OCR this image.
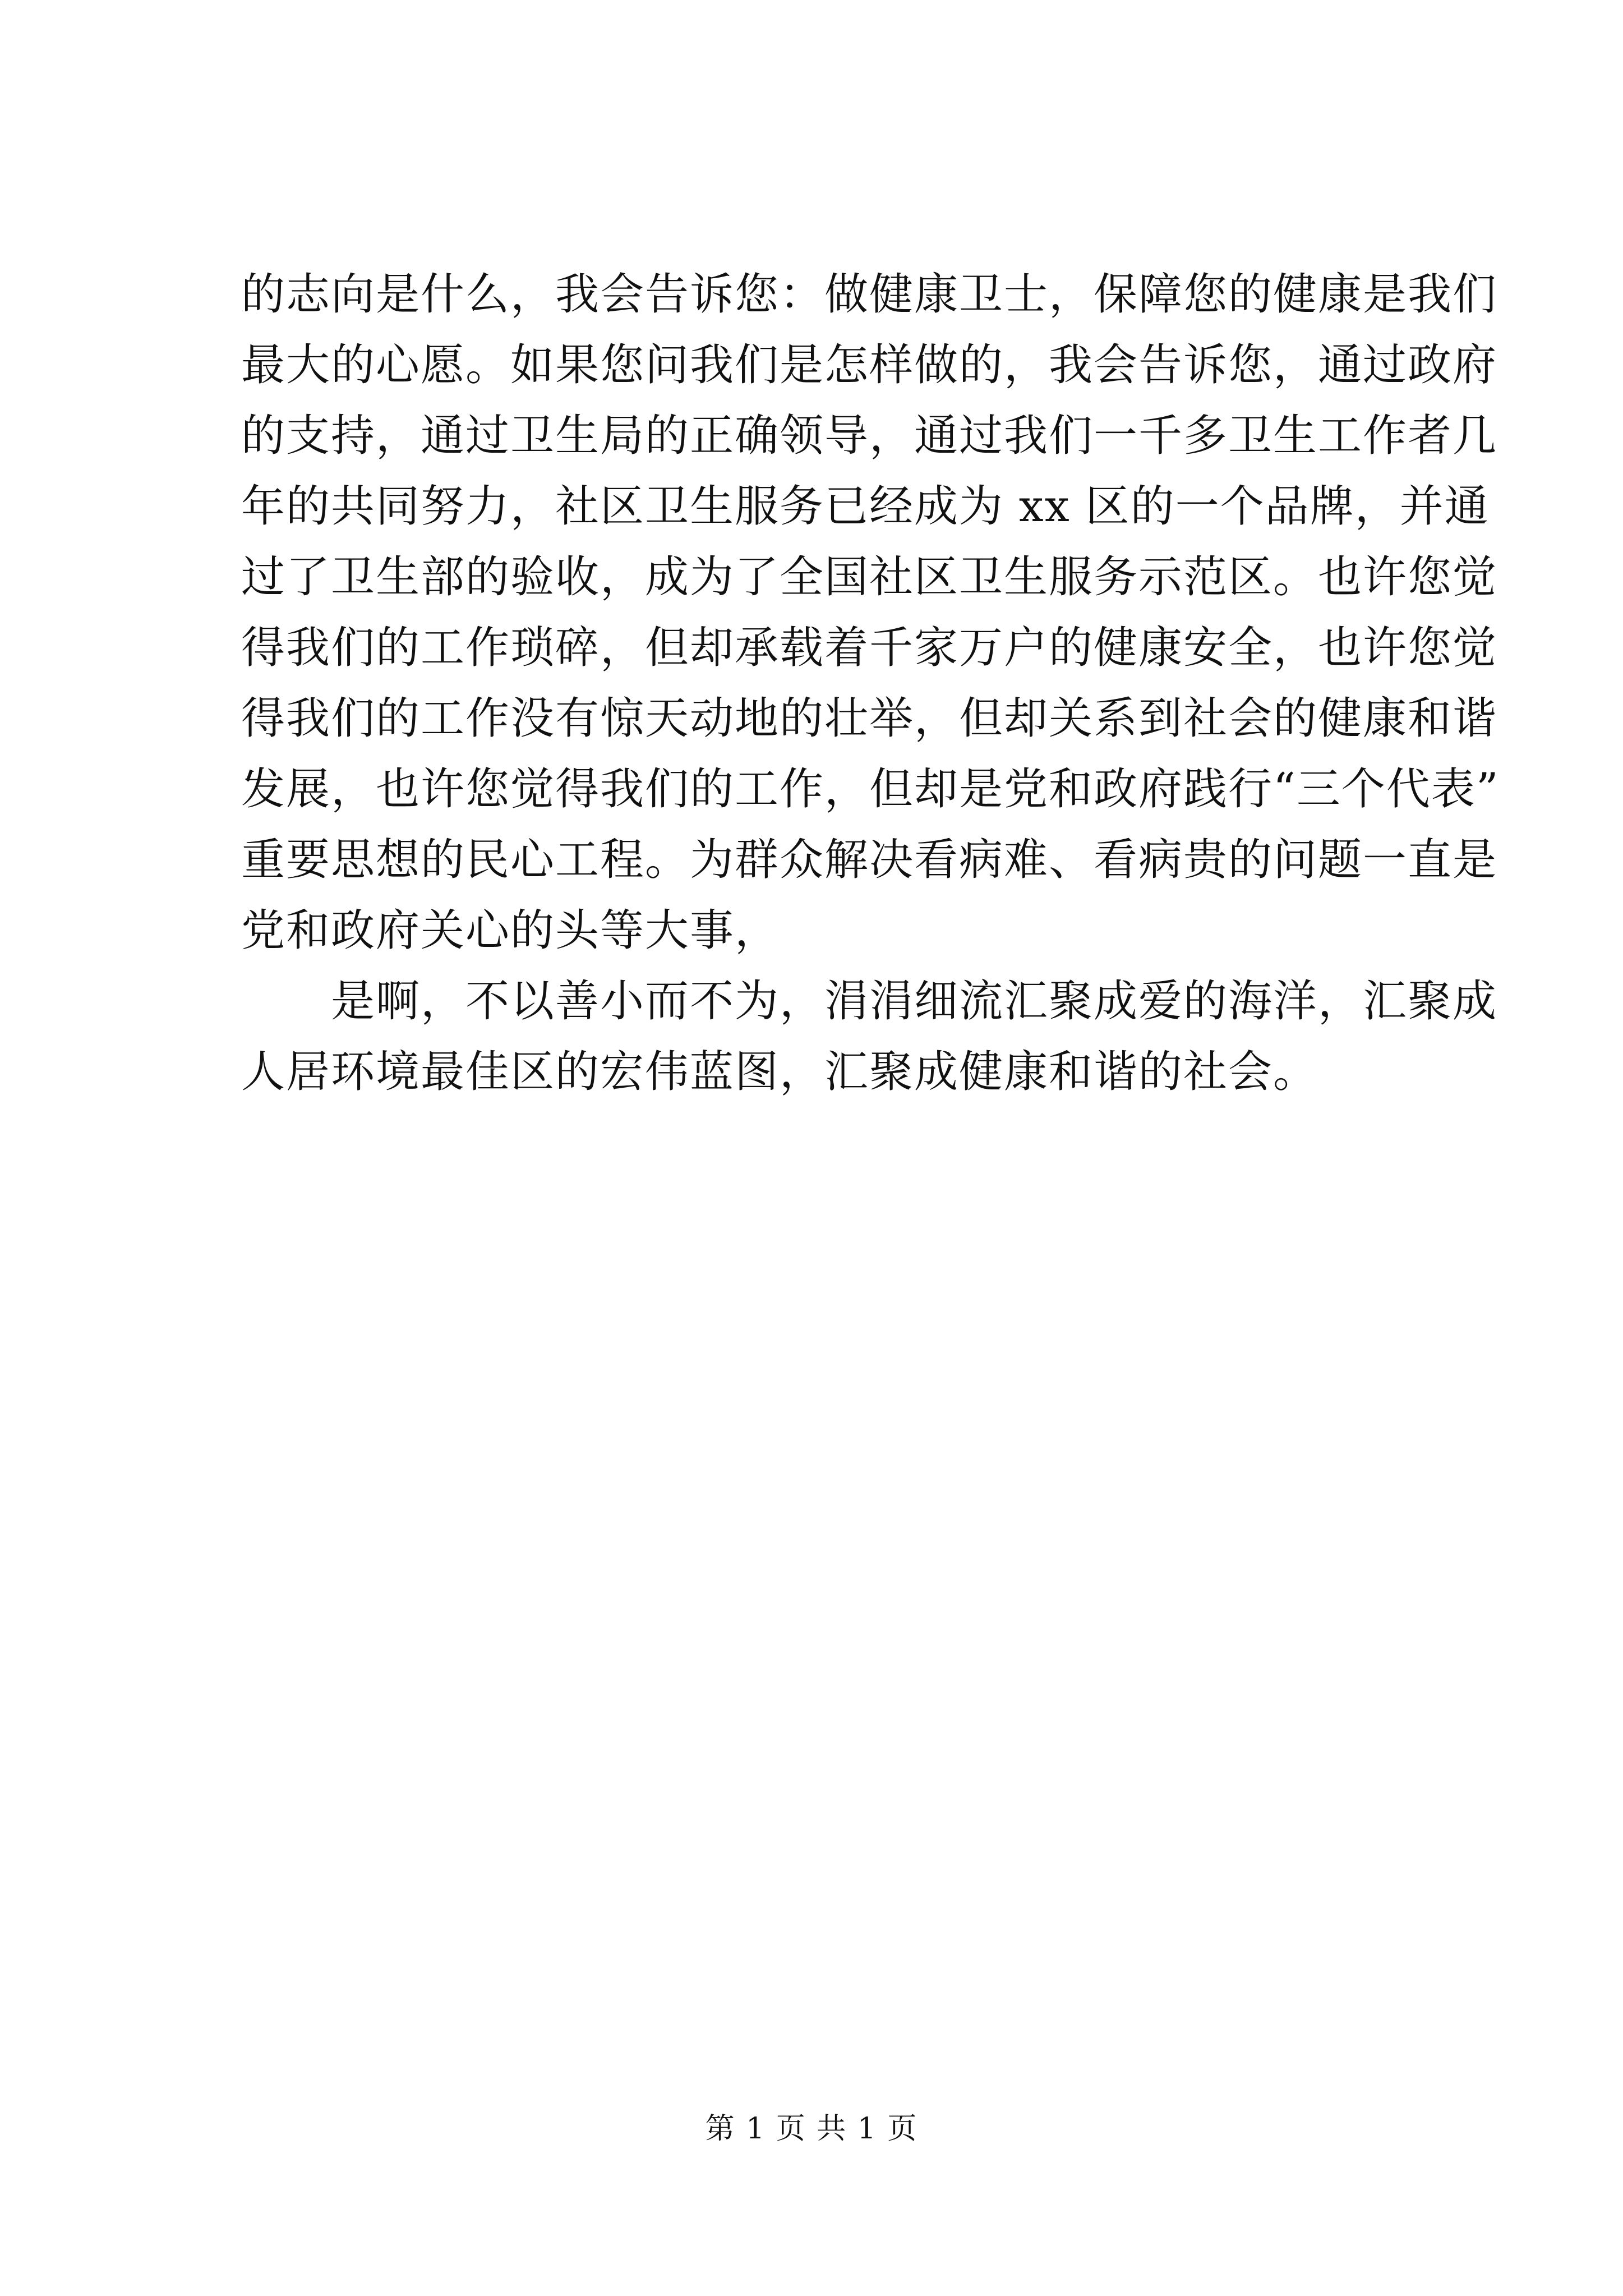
的志向是什么，我会告诉您：做健康卫士，保障您的健康是我们
最大的心愿。如果您问我们是怎样做的，我会告诉您，通过政府
的支持，通过卫生局的正确领导，通过我们一千多卫生工作者几
年的共同努力，社区卫生服务已经成为 xx 区的一个品牌，并通
过了卫生部的验收，成为了全国社区卫生服务示范区。也许您觉
得我们的工作琐碎，但却承载着千家万户的健康安全，也许您觉
得我们的工作没有惊天动地的壮举，但却关系到社会的健康和谐
发展，也许您觉得我们的工作，但却是党和政府践行“三个代表”
重要思想的民心工程。为群众解决看病难、看病贵的问题一直是
党和政府关心的头等大事，
是啊，不以善小而不为，涓涓细流汇聚成爱的海洋，汇聚成
人居环境最佳区的宏伟蓝图，汇聚成健康和谐的社会。
第 1 页 共 1 页
